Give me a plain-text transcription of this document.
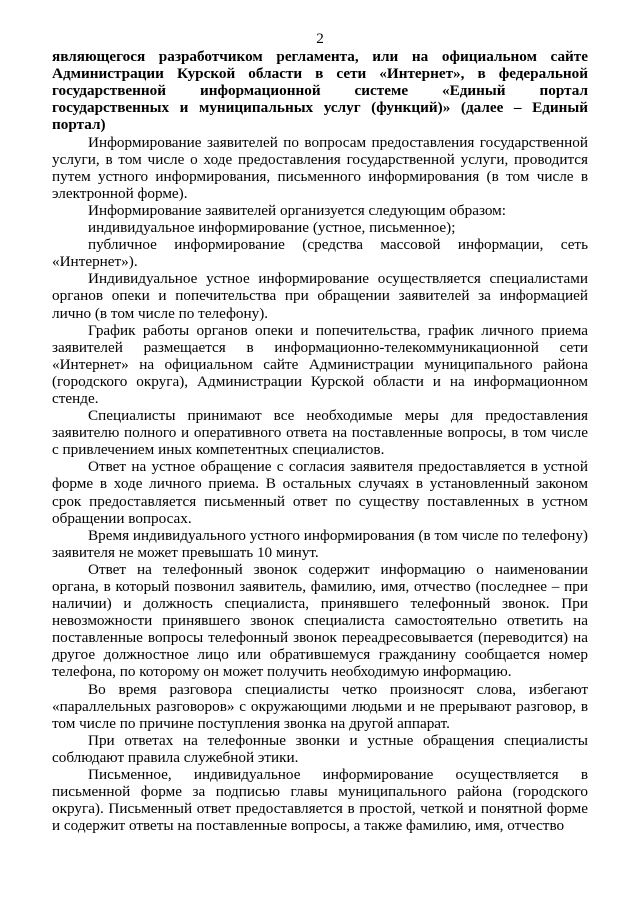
2

являющегося разработчиком регламента, или на официальном сайте Администрации Курской области в сети «Интернет», в федеральной государственной информационной системе «Единый портал государственных и муниципальных услуг (функций)» (далее – Единый портал)

Информирование заявителей по вопросам предоставления государственной услуги, в том числе о ходе предоставления государственной услуги, проводится путем устного информирования, письменного информирования (в том числе в электронной форме).

Информирование заявителей организуется следующим образом:

индивидуальное информирование (устное, письменное);

публичное информирование (средства массовой информации, сеть «Интернет»).

Индивидуальное устное информирование осуществляется специалистами органов опеки и попечительства при обращении заявителей за информацией лично (в том числе по телефону).

График работы органов опеки и попечительства, график личного приема заявителей размещается в информационно-телекоммуникационной сети «Интернет» на официальном сайте Администрации муниципального района (городского округа), Администрации Курской области и на информационном стенде.

Специалисты принимают все необходимые меры для предоставления заявителю полного и оперативного ответа на поставленные вопросы, в том числе с привлечением иных компетентных специалистов.

Ответ на устное обращение с согласия заявителя предоставляется в устной форме в ходе личного приема. В остальных случаях в установленный законом срок предоставляется письменный ответ по существу поставленных в устном обращении вопросах.

Время индивидуального устного информирования (в том числе по телефону) заявителя не может превышать 10 минут.

Ответ на телефонный звонок содержит информацию о наименовании органа, в который позвонил заявитель, фамилию, имя, отчество (последнее – при наличии) и должность специалиста, принявшего телефонный звонок. При невозможности принявшего звонок специалиста самостоятельно ответить на поставленные вопросы телефонный звонок переадресовывается (переводится) на другое должностное лицо или обратившемуся гражданину сообщается номер телефона, по которому он может получить необходимую информацию.

Во время разговора специалисты четко произносят слова, избегают «параллельных разговоров» с окружающими людьми и не прерывают разговор, в том числе по причине поступления звонка на другой аппарат.

При ответах на телефонные звонки и устные обращения специалисты соблюдают правила служебной этики.

Письменное, индивидуальное информирование осуществляется в письменной форме за подписью главы муниципального района (городского округа). Письменный ответ предоставляется в простой, четкой и понятной форме и содержит ответы на поставленные вопросы, а также фамилию, имя, отчество
